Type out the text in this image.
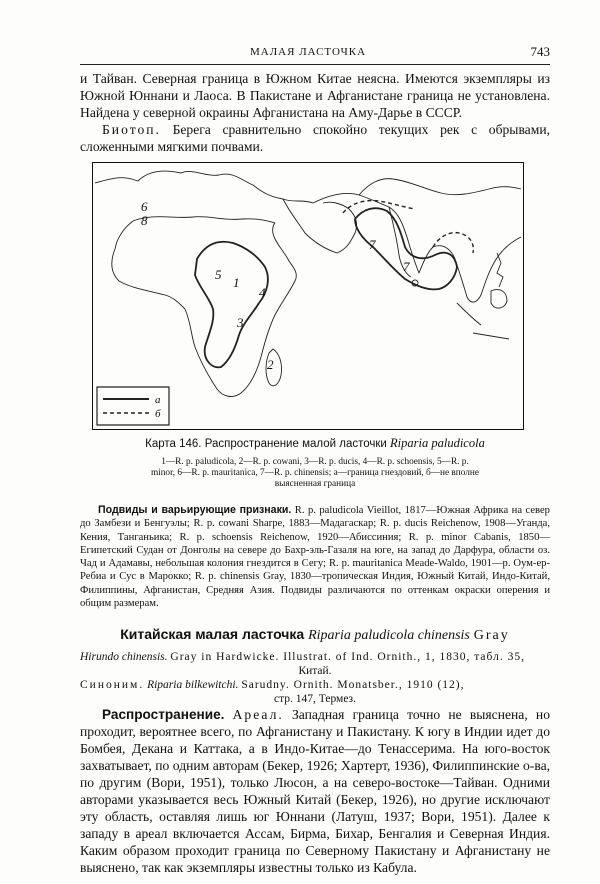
МАЛАЯ ЛАСТОЧКА	743

и Тайван. Северная граница в Южном Китае неясна. Имеются экземпляры из Южной Юннани и Лаоса. В Пакистане и Афганистане граница не установлена. Найдена у северной окраины Афганистана на Аму-Дарье в СССР.

Биотоп. Берега сравнительно спокойно текущих рек с обрывами, сложенными мягкими почвами.

1
2
3
4
5
6
7
7
8
а
б
Карта 146. Распространение малой ласточки Riparia paludicola
1—R. p. paludicola, 2—R. p. cowani, 3—R. p. ducis, 4—R. p. schoensis, 5—R. p.
minor, 6—R. p. mauritanica, 7—R. p. chinensis; а—граница гнездовий, б—не вполне
выясненная граница

Подвиды и варьирующие признаки. R. p. paludicola Vieillot, 1817—Южная Африка на север до Замбези и Бенгуэлы; R. p. cowani Sharpe, 1883—Мадагаскар; R. p. ducis Reichenow, 1908—Уганда, Кения, Танганьика; R. p. schoensis Reichenow, 1920—Абиссиния; R. p. minor Cabanis, 1850—Египетский Судан от Донголы на севере до Бахр-эль-Газаля на юге, на запад до Дарфура, области оз. Чад и Адамавы, небольшая колония гнездится в Сегу; R. p. mauritanica Meade-Waldo, 1901—р. Оум-ер-Ребиа и Сус в Марокко; R. p. chinensis Gray, 1830—тропическая Индия, Южный Китай, Индо-Китай, Филиппины, Афганистан, Средняя Азия. Подвиды различаются по оттенкам окраски оперения и общим размерам.

Китайская малая ласточка Riparia paludicola chinensis Gray
Hirundo chinensis. Gray in Hardwicke. Illustrat. of Ind. Ornith., 1, 1830, табл. 35,
Китай.
Синоним. Riparia bilkewitchi. Sarudny. Ornith. Monatsber., 1910 (12),
стр. 147, Термез.

Распространение. Ареал. Западная граница точно не выяснена, но проходит, вероятнее всего, по Афганистану и Пакистану. К югу в Индии идет до Бомбея, Декана и Каттака, а в Индо-Китае—до Тенассерима. На юго-восток захватывает, по одним авторам (Бекер, 1926; Хартерт, 1936), Филиппинские о-ва, по другим (Вори, 1951), только Люсон, а на северо-востоке—Тайван. Одними авторами указывается весь Южный Китай (Бекер, 1926), но другие исключают эту область, оставляя лишь юг Юннани (Латуш, 1937; Вори, 1951). Далее к западу в ареал включается Ассам, Бирма, Бихар, Бенгалия и Северная Индия. Каким образом проходит граница по Северному Пакистану и Афганистану не выяснено, так как экземпляры известны только из Кабула.
